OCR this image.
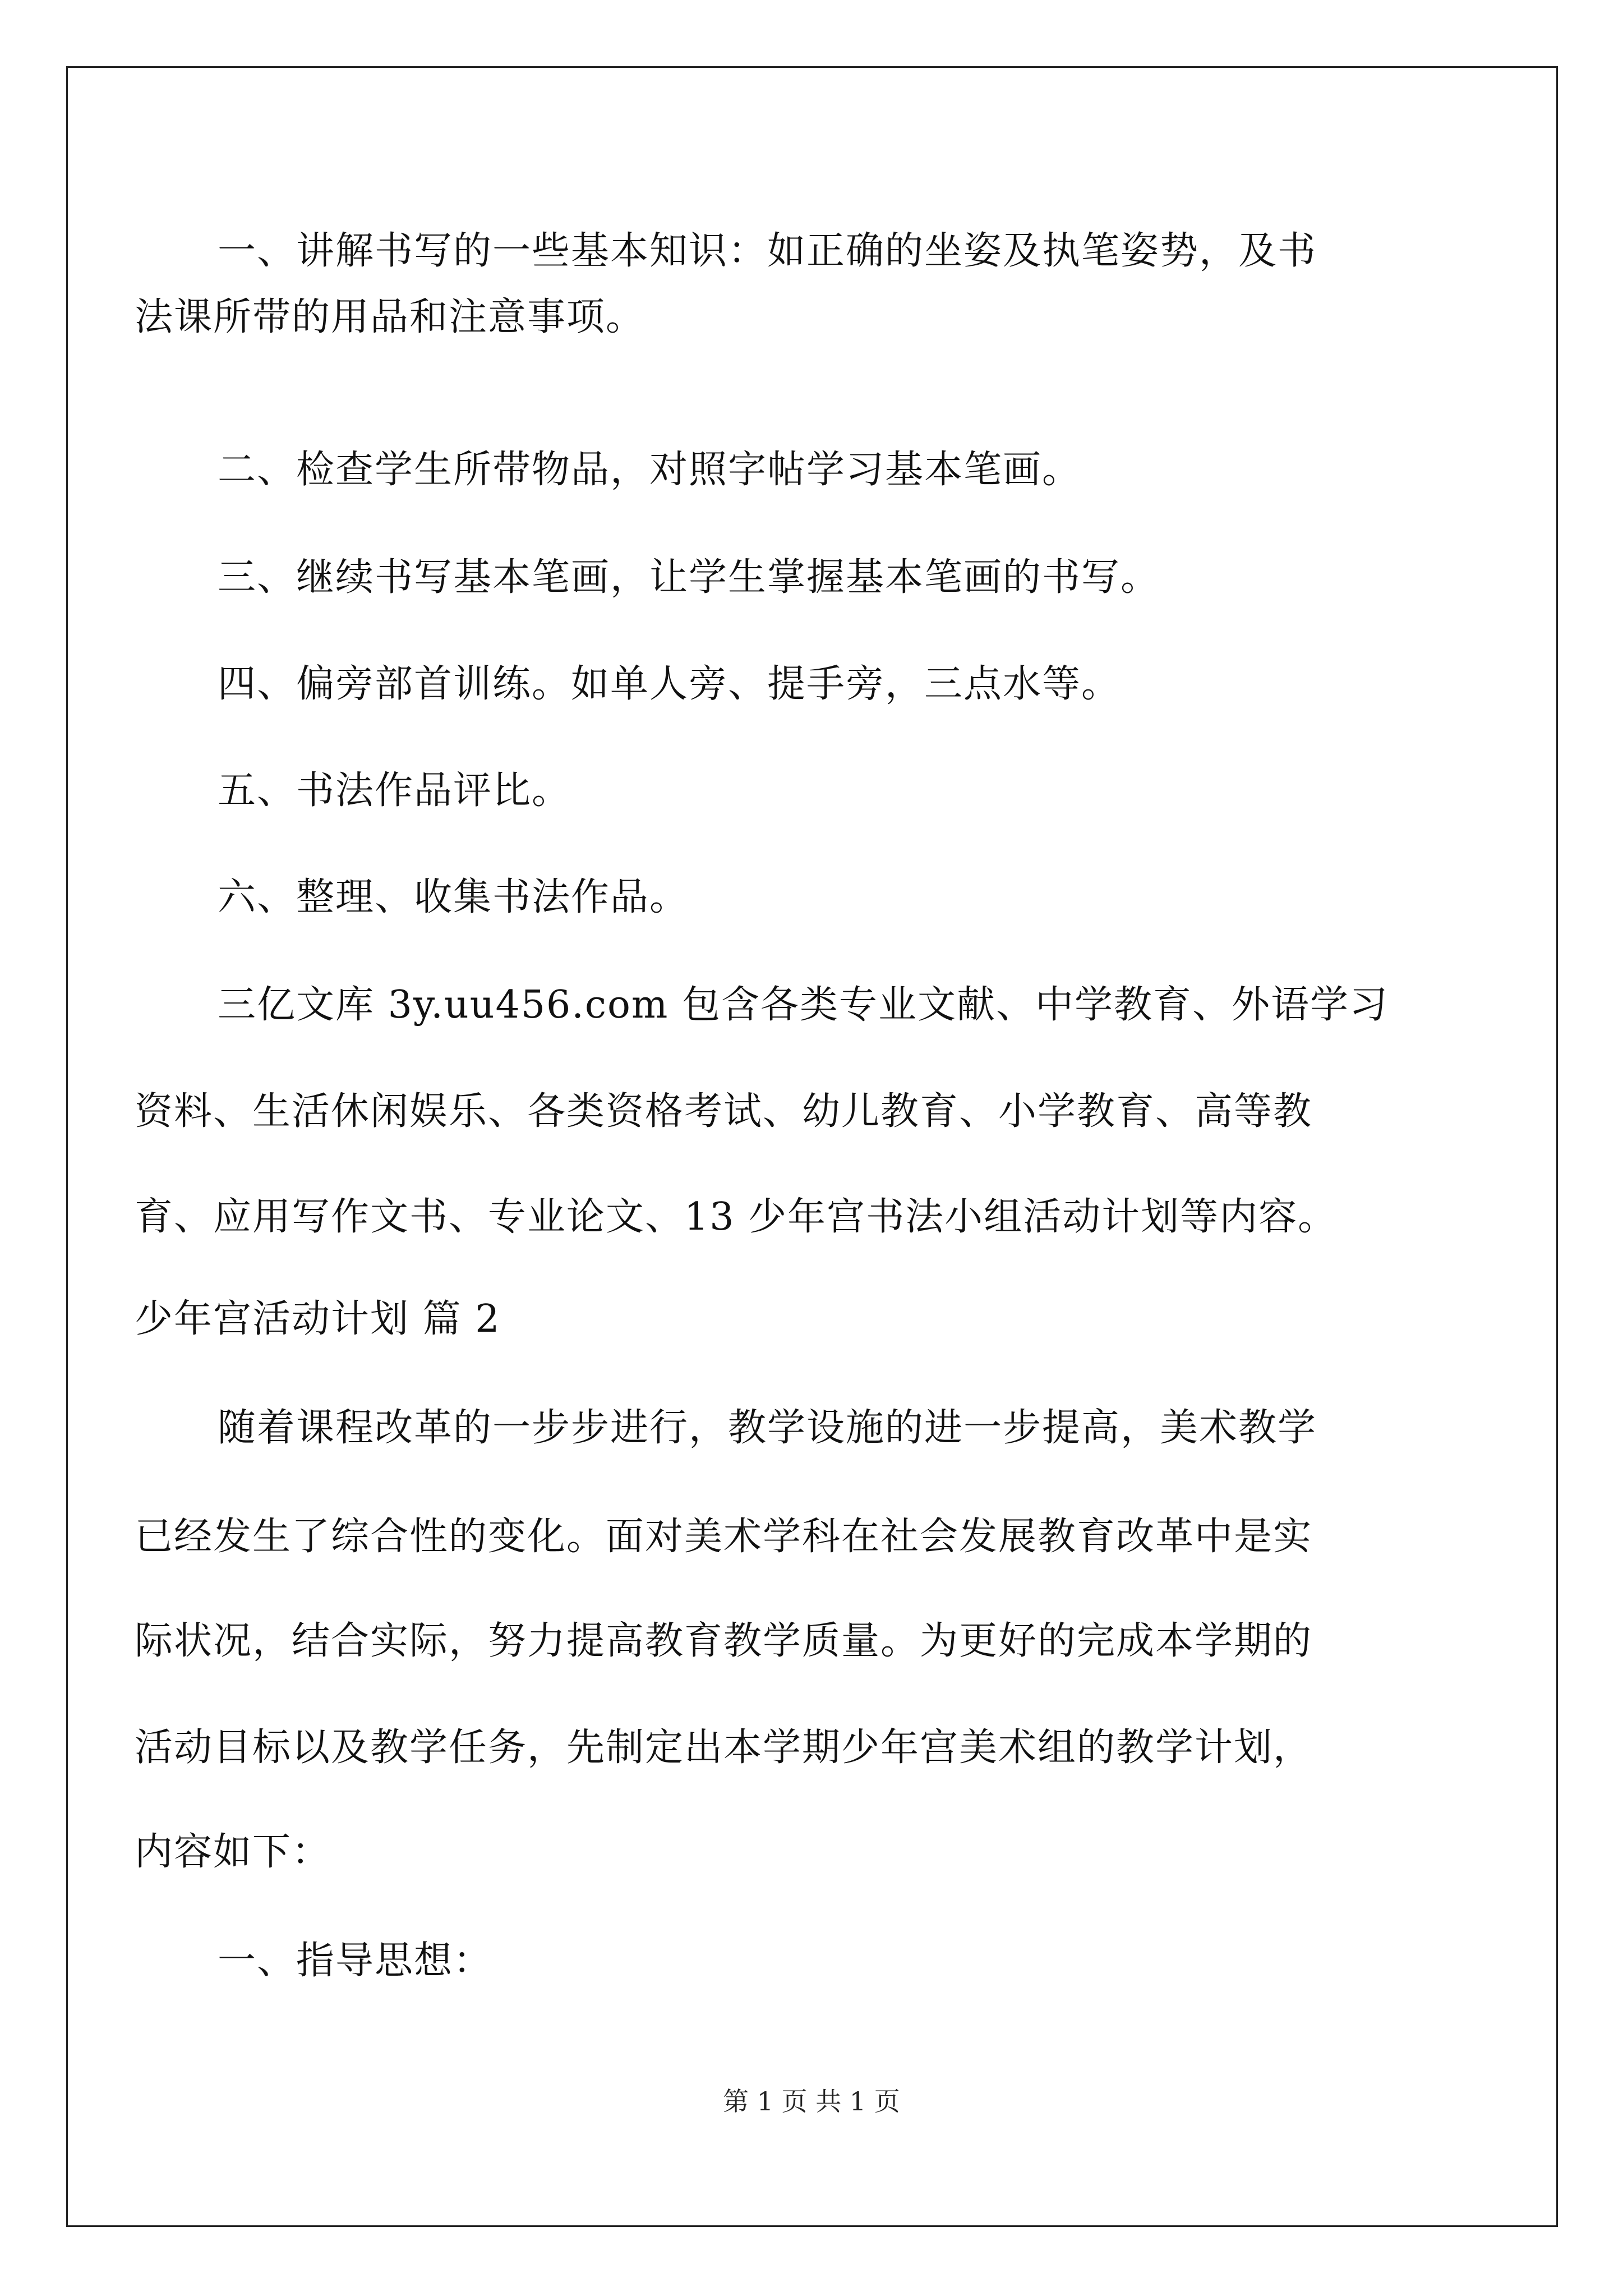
一、讲解书写的一些基本知识：如正确的坐姿及执笔姿势，及书
法课所带的用品和注意事项。
二、检查学生所带物品，对照字帖学习基本笔画。
三、继续书写基本笔画，让学生掌握基本笔画的书写。
四、偏旁部首训练。如单人旁、提手旁，三点水等。
五、书法作品评比。
六、整理、收集书法作品。
三亿文库 3y.uu456.com 包含各类专业文献、中学教育、外语学习
资料、生活休闲娱乐、各类资格考试、幼儿教育、小学教育、高等教
育、应用写作文书、专业论文、13 少年宫书法小组活动计划等内容。
少年宫活动计划 篇 2
随着课程改革的一步步进行，教学设施的进一步提高，美术教学
已经发生了综合性的变化。面对美术学科在社会发展教育改革中是实
际状况，结合实际，努力提高教育教学质量。为更好的完成本学期的
活动目标以及教学任务，先制定出本学期少年宫美术组的教学计划，
内容如下：
一、指导思想：
第 1 页 共 1 页
